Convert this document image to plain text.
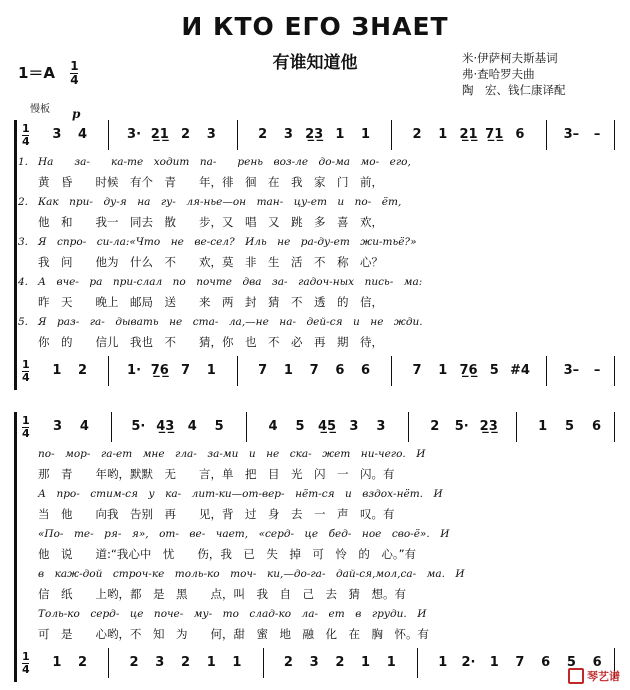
И КТО ЕГО ЗНАЕТ
有谁知道他
$1=A \frac{1}{4}$
米·伊萨柯夫斯基词
弗·查哈罗夫曲
陶　宏、钱仁康译配
慢板 p
1
4	3	4	3· 2̲1̲ 2	3	2	3 2̲3̲ 1	1	2	1 2̲1̲ 7̲1̲ 6	3–	–
1. На　　за-　　ка-те　ходит　па-　　рень　воз-ле　до-ма　мо-　его,
黄　昏　　时候　有个　青　　年，徘　徊　在　我　家　门　前，
2. Как　при-　ду-я　на　гу-　ля-нье—он　тан-　цу-ет　и　по-　ёт,
他　和　　我一　同去　散　　步，又　唱　又　跳　多　喜　欢，
3. Я　спро-　си-ла:«Что　не　ве-сел?　Иль　не　ра-ду-ет　жи-тьё?»
我　问　　他为　什么　不　　欢，莫　非　生　活　不　称　心？
4. А　вче-　ра　при-слал　по　почте　два　за-　гадоч-ных　пись-　ма:
昨　天　　晚上　邮局　送　　来　两　封　猜　不　透　的　信，
5. Я　раз-　га-　дывать　не　ста-　ла,—не　на-　дей-ся　и　не　жди.
你　的　　信儿　我也　不　　猜，你　也　不　必　再　期　待，
1
4	1	2	1· 7̲6̲ 7	1	7	1	7	6	6	7	1 7̲6̲ 5 #4	3–	–
1
4	3	4	5· 4̲3̲	4	5	4	5	4̲5̲	3	3	2	5· 2̲3̲	1	5	6
по-　мор-　га-ет　мне　гла-　за-ми　и　не　ска-　жет　ни-чего.　И
那　青　　年哟，默默　无　　言，单　把　目　光　闪　一　闪。有
А　про-　стим-ся　у　ка-　лит-ки—от-вер-　нёт-ся　и　вздох-нёт.　И
当　他　　向我　告别　再　　见，背　过　身　去　一　声　叹。有
«По-　те-　ря-　я»,　от-　ве-　чает,　«серд-　це　бед-　ное　сво-ё».　И
他　说　　道:“我心中　忧　　伤，我　已　失　掉　可　怜　的　心。”有
в　каж-дой　строч-ке　толь-ко　точ-　ки,—до-гa-　дай-ся,мол,са-　ма.　И
信　纸　　上哟，都　是　黑　　点，叫　我　自　己　去　猜　想。有
Толь-ко　серд-　це　поче-　му-　то　слад-ко　ла-　ет　в　груди.　И
可　是　　心哟，不　知　为　　何，甜　蜜　地　融　化　在　胸　怀。有
1
4	1	2	2	3	2	1	1	2	3	2	1	1	1	2·	1	7	6	5	6
琴艺谱
